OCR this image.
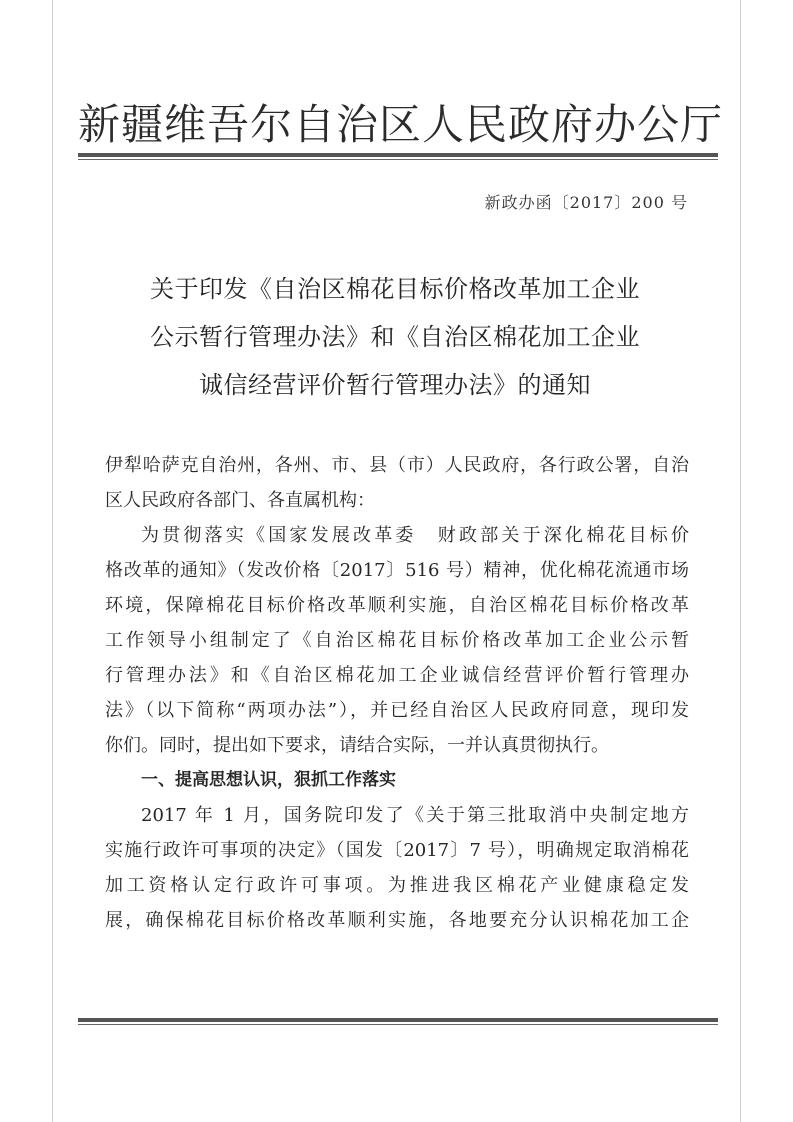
新疆维吾尔自治区人民政府办公厅
新政办函〔2017〕200 号
关于印发《自治区棉花目标价格改革加工企业
公示暂行管理办法》和《自治区棉花加工企业
诚信经营评价暂行管理办法》的通知
伊犁哈萨克自治州，各州、市、县（市）人民政府，各行政公署，自治
区人民政府各部门、各直属机构：
为贯彻落实《国家发展改革委　财政部关于深化棉花目标价
格改革的通知》（发改价格〔2017〕516 号）精神，优化棉花流通市场
环境，保障棉花目标价格改革顺利实施，自治区棉花目标价格改革
工作领导小组制定了《自治区棉花目标价格改革加工企业公示暂
行管理办法》和《自治区棉花加工企业诚信经营评价暂行管理办
法》（以下简称“两项办法”），并已经自治区人民政府同意，现印发
你们。同时，提出如下要求，请结合实际，一并认真贯彻执行。
一、提高思想认识，狠抓工作落实
2017 年 1 月，国务院印发了《关于第三批取消中央制定地方
实施行政许可事项的决定》（国发〔2017〕7 号），明确规定取消棉花
加工资格认定行政许可事项。为推进我区棉花产业健康稳定发
展，确保棉花目标价格改革顺利实施，各地要充分认识棉花加工企
